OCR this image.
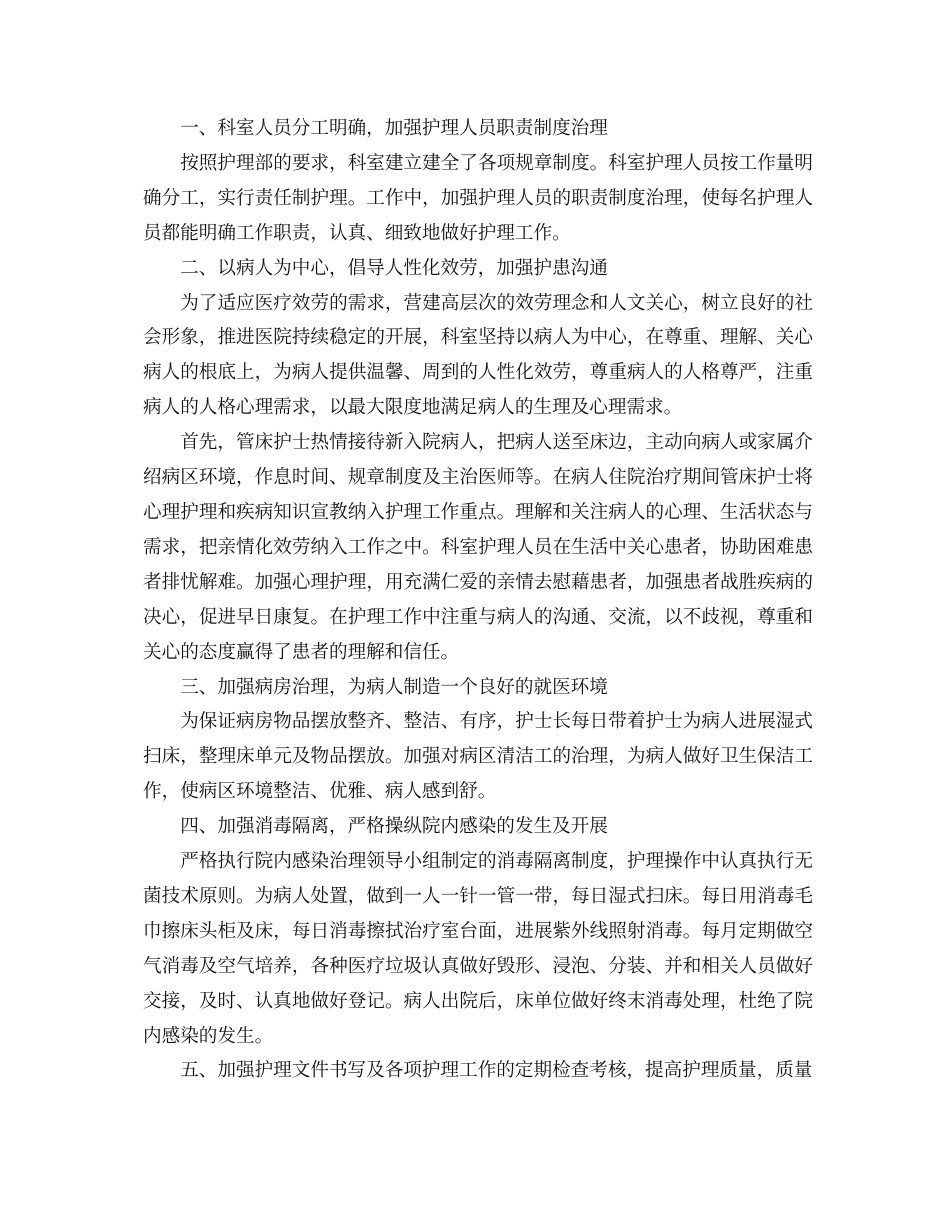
一、科室人员分工明确，加强护理人员职责制度治理

按照护理部的要求，科室建立建全了各项规章制度。科室护理人员按工作量明确分工，实行责任制护理。工作中，加强护理人员的职责制度治理，使每名护理人员都能明确工作职责，认真、细致地做好护理工作。

二、以病人为中心，倡导人性化效劳，加强护患沟通

为了适应医疗效劳的需求，营建高层次的效劳理念和人文关心，树立良好的社会形象，推进医院持续稳定的开展，科室坚持以病人为中心，在尊重、理解、关心病人的根底上，为病人提供温馨、周到的人性化效劳，尊重病人的人格尊严，注重病人的人格心理需求，以最大限度地满足病人的生理及心理需求。

首先，管床护士热情接待新入院病人，把病人送至床边，主动向病人或家属介绍病区环境，作息时间、规章制度及主治医师等。在病人住院治疗期间管床护士将心理护理和疾病知识宣教纳入护理工作重点。理解和关注病人的心理、生活状态与需求，把亲情化效劳纳入工作之中。科室护理人员在生活中关心患者，协助困难患者排忧解难。加强心理护理，用充满仁爱的亲情去慰藉患者，加强患者战胜疾病的决心，促进早日康复。在护理工作中注重与病人的沟通、交流，以不歧视，尊重和关心的态度赢得了患者的理解和信任。

三、加强病房治理，为病人制造一个良好的就医环境

为保证病房物品摆放整齐、整洁、有序，护士长每日带着护士为病人进展湿式扫床，整理床单元及物品摆放。加强对病区清洁工的治理，为病人做好卫生保洁工作，使病区环境整洁、优雅、病人感到舒。

四、加强消毒隔离，严格操纵院内感染的发生及开展

严格执行院内感染治理领导小组制定的消毒隔离制度，护理操作中认真执行无菌技术原则。为病人处置，做到一人一针一管一带，每日湿式扫床。每日用消毒毛巾擦床头柜及床，每日消毒擦拭治疗室台面，进展紫外线照射消毒。每月定期做空气消毒及空气培养，各种医疗垃圾认真做好毁形、浸泡、分装、并和相关人员做好交接，及时、认真地做好登记。病人出院后，床单位做好终末消毒处理，杜绝了院内感染的发生。

五、加强护理文件书写及各项护理工作的定期检查考核，提高护理质量，质量
